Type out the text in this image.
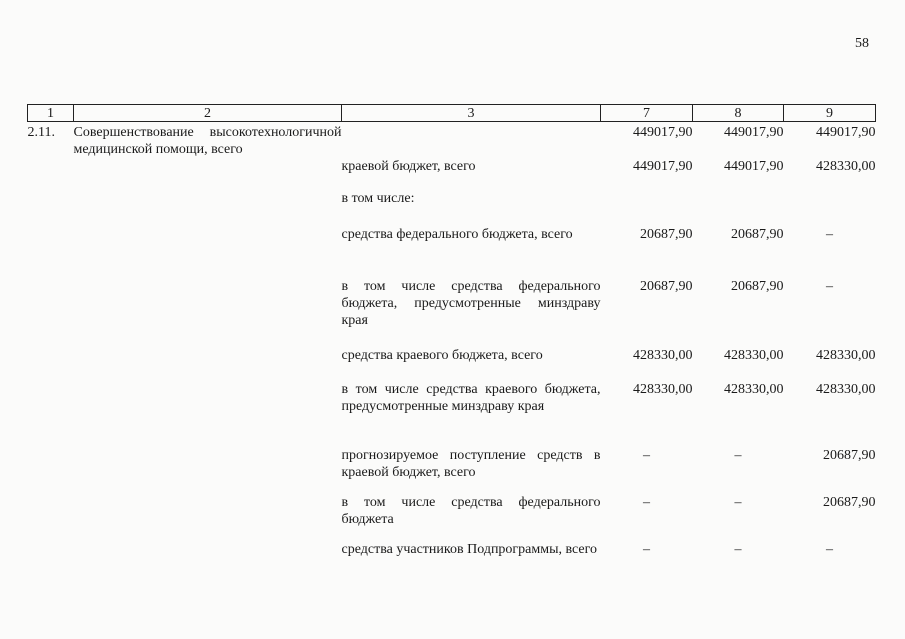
58
1	2	3	7	8	9
2.11.	Совершенствование высокотехнологичной медицинской помощи, всего		449017,90	449017,90	449017,90
		краевой бюджет, всего	449017,90	449017,90	428330,00
		в том числе:			
		средства федерального бюджета, всего	20687,90	20687,90	–
		в том числе средства федерального бюджета, предусмотренные минздраву края	20687,90	20687,90	–
		средства краевого бюджета, всего	428330,00	428330,00	428330,00
		в том числе средства краевого бюджета, предусмотренные минздраву края	428330,00	428330,00	428330,00
		прогнозируемое поступление средств в краевой бюджет, всего	–	–	20687,90
		в том числе средства федерального бюджета	–	–	20687,90
		средства участников Подпрограммы, всего	–	–	–
